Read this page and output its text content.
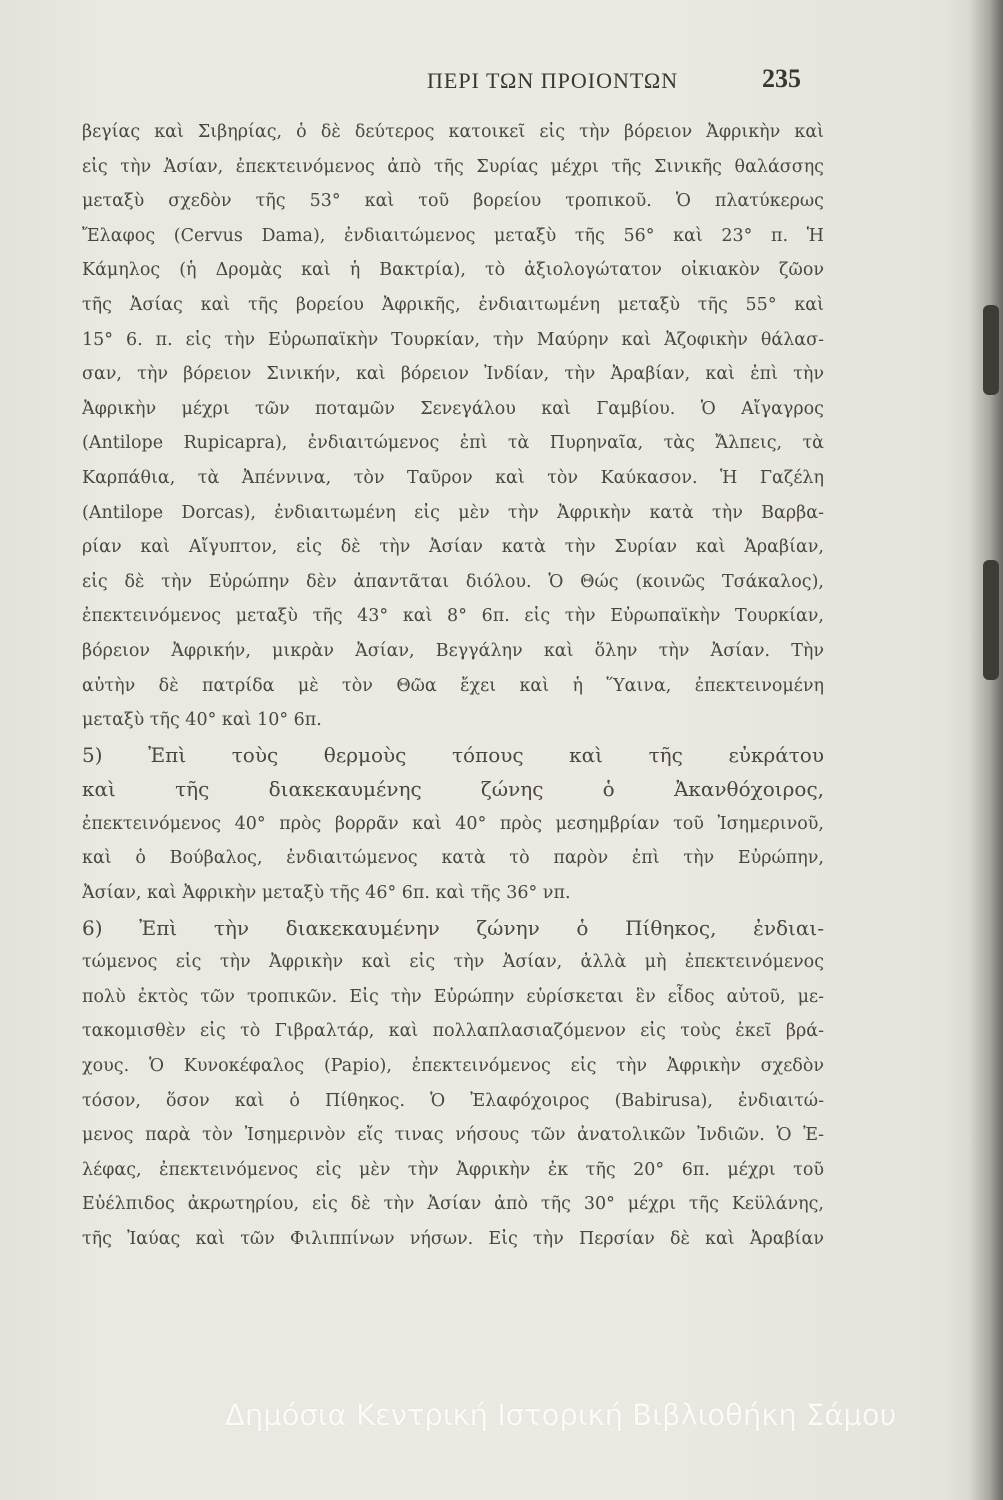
ΠΕΡΙ ΤΩΝ ΠΡΟΙΟΝΤΩΝ	235
βεγίας καὶ Σιβηρίας, ὁ δὲ δεύτερος κατοικεῖ εἰς τὴν βόρειον Ἀφρικὴν καὶ
εἰς τὴν Ἀσίαν, ἐπεκτεινόμενος ἀπὸ τῆς Συρίας μέχρι τῆς Σινικῆς θαλάσσης
μεταξὺ σχεδὸν τῆς 53° καὶ τοῦ βορείου τροπικοῦ. Ὁ πλατύκερως
Ἔλαφος (Cervus Dama), ἐνδιαιτώμενος μεταξὺ τῆς 56° καὶ 23° π. Ἡ
Κάμηλος (ἡ Δρομὰς καὶ ἡ Βακτρία), τὸ ἀξιολογώτατον οἰκιακὸν ζῶον
τῆς Ἀσίας καὶ τῆς βορείου Ἀφρικῆς, ἐνδιαιτωμένη μεταξὺ τῆς 55° καὶ
15° 6. π. εἰς τὴν Εὐρωπαϊκὴν Τουρκίαν, τὴν Μαύρην καὶ Ἀζοφικὴν θάλασ-
σαν, τὴν βόρειον Σινικήν, καὶ βόρειον Ἰνδίαν, τὴν Ἀραβίαν, καὶ ἐπὶ τὴν
Ἀφρικὴν μέχρι τῶν ποταμῶν Σενεγάλου καὶ Γαμβίου. Ὁ Αἴγαγρος
(Antilope Rupicapra), ἐνδιαιτώμενος ἐπὶ τὰ Πυρηναῖα, τὰς Ἄλπεις, τὰ
Καρπάθια, τὰ Ἀπέννινα, τὸν Ταῦρον καὶ τὸν Καύκασον. Ἡ Γαζέλη
(Antilope Dorcas), ἐνδιαιτωμένη εἰς μὲν τὴν Ἀφρικὴν κατὰ τὴν Βαρβα-
ρίαν καὶ Αἴγυπτον, εἰς δὲ τὴν Ἀσίαν κατὰ τὴν Συρίαν καὶ Ἀραβίαν,
εἰς δὲ τὴν Εὐρώπην δὲν ἀπαντᾶται διόλου. Ὁ Θώς (κοινῶς Τσάκαλος),
ἐπεκτεινόμενος μεταξὺ τῆς 43° καὶ 8° 6π. εἰς τὴν Εὐρωπαϊκὴν Τουρκίαν,
βόρειον Ἀφρικήν, μικρὰν Ἀσίαν, Βεγγάλην καὶ ὅλην τὴν Ἀσίαν. Τὴν
αὐτὴν δὲ πατρίδα μὲ τὸν Θῶα ἔχει καὶ ἡ Ὕαινα, ἐπεκτεινομένη
μεταξὺ τῆς 40° καὶ 10° 6π.
5) Ἐπὶ τοὺς θερμοὺς τόπους καὶ τῆς εὐκράτου
καὶ τῆς διακεκαυμένης ζώνης ὁ Ἀκανθόχοιρος,
ἐπεκτεινόμενος 40° πρὸς βορρᾶν καὶ 40° πρὸς μεσημβρίαν τοῦ Ἰσημερινοῦ,
καὶ ὁ Βούβαλος, ἐνδιαιτώμενος κατὰ τὸ παρὸν ἐπὶ τὴν Εὐρώπην,
Ἀσίαν, καὶ Ἀφρικὴν μεταξὺ τῆς 46° 6π. καὶ τῆς 36° νπ.
6) Ἐπὶ τὴν διακεκαυμένην ζώνην ὁ Πίθηκος, ἐνδιαι-
τώμενος εἰς τὴν Ἀφρικὴν καὶ εἰς τὴν Ἀσίαν, ἀλλὰ μὴ ἐπεκτεινόμενος
πολὺ ἐκτὸς τῶν τροπικῶν. Εἰς τὴν Εὐρώπην εὑρίσκεται ἓν εἶδος αὐτοῦ, με-
τακομισθὲν εἰς τὸ Γιβραλτάρ, καὶ πολλαπλασιαζόμενον εἰς τοὺς ἐκεῖ βρά-
χους. Ὁ Κυνοκέφαλος (Papio), ἐπεκτεινόμενος εἰς τὴν Ἀφρικὴν σχεδὸν
τόσον, ὅσον καὶ ὁ Πίθηκος. Ὁ Ἐλαφόχοιρος (Babirusa), ἐνδιαιτώ-
μενος παρὰ τὸν Ἰσημερινὸν εἴς τινας νήσους τῶν ἀνατολικῶν Ἰνδιῶν. Ὁ Ἐ-
λέφας, ἐπεκτεινόμενος εἰς μὲν τὴν Ἀφρικὴν ἐκ τῆς 20° 6π. μέχρι τοῦ
Εὐέλπιδος ἀκρωτηρίου, εἰς δὲ τὴν Ἀσίαν ἀπὸ τῆς 30° μέχρι τῆς Κεϋλάνης,
τῆς Ἰαύας καὶ τῶν Φιλιππίνων νήσων. Εἰς τὴν Περσίαν δὲ καὶ Ἀραβίαν
Δημόσια Κεντρική Ιστορική Βιβλιοθήκη Σάμου
